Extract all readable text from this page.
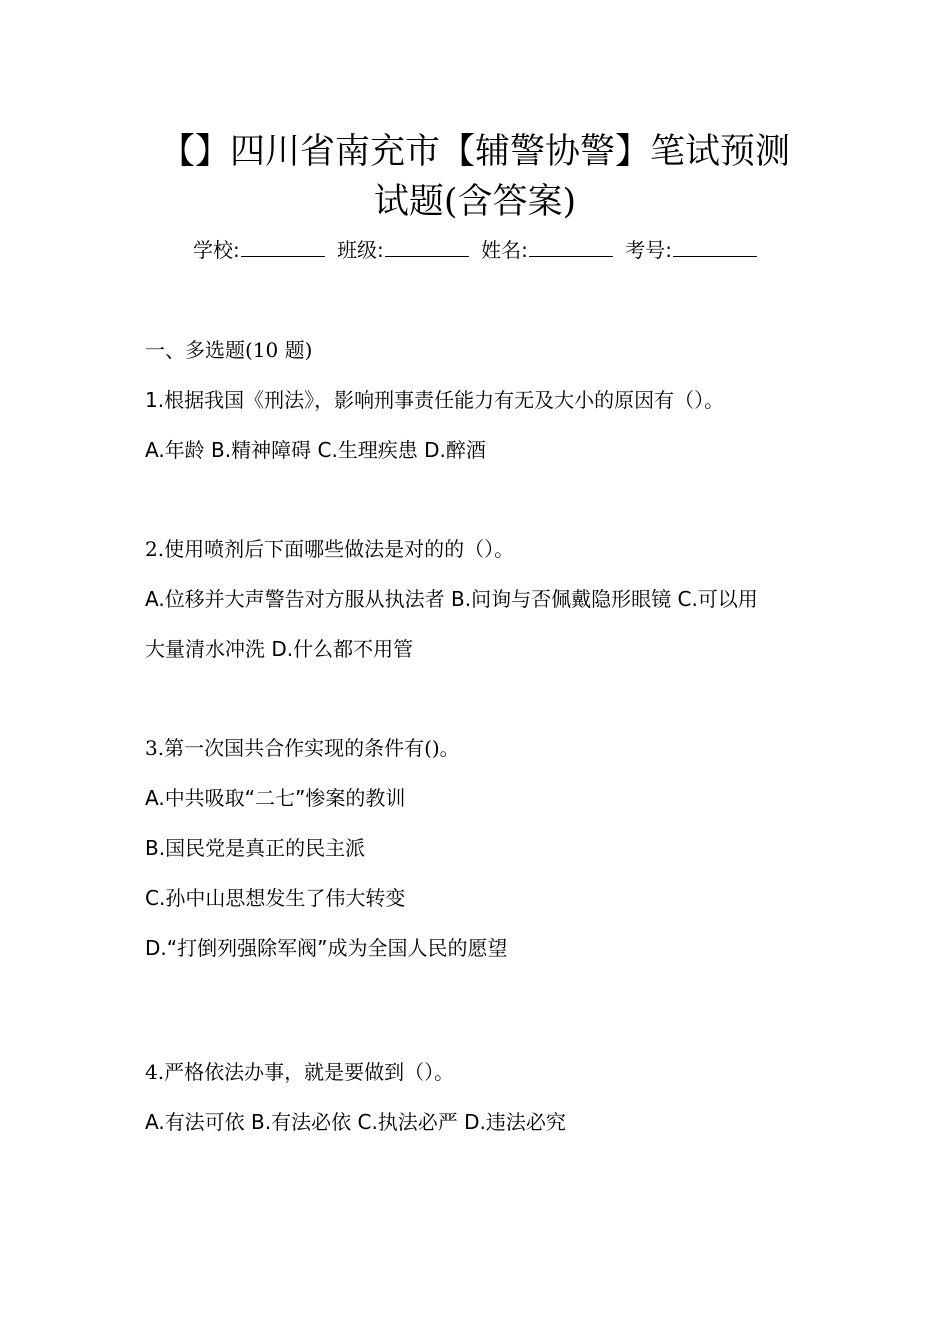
【】四川省南充市【辅警协警】笔试预测
试题(含答案)
学校:	班级:	姓名:	考号:
一、多选题(10 题)
1.根据我国《刑法》，影响刑事责任能力有无及大小的原因有（）。
A.年龄 B.精神障碍 C.生理疾患 D.醉酒
2.使用喷剂后下面哪些做法是对的的（）。
A.位移并大声警告对方服从执法者 B.问询与否佩戴隐形眼镜 C.可以用
大量清水冲洗 D.什么都不用管
3.第一次国共合作实现的条件有()。
A.中共吸取“二七”惨案的教训
B.国民党是真正的民主派
C.孙中山思想发生了伟大转变
D.“打倒列强除军阀”成为全国人民的愿望
4.严格依法办事，就是要做到（）。
A.有法可依 B.有法必依 C.执法必严 D.违法必究
